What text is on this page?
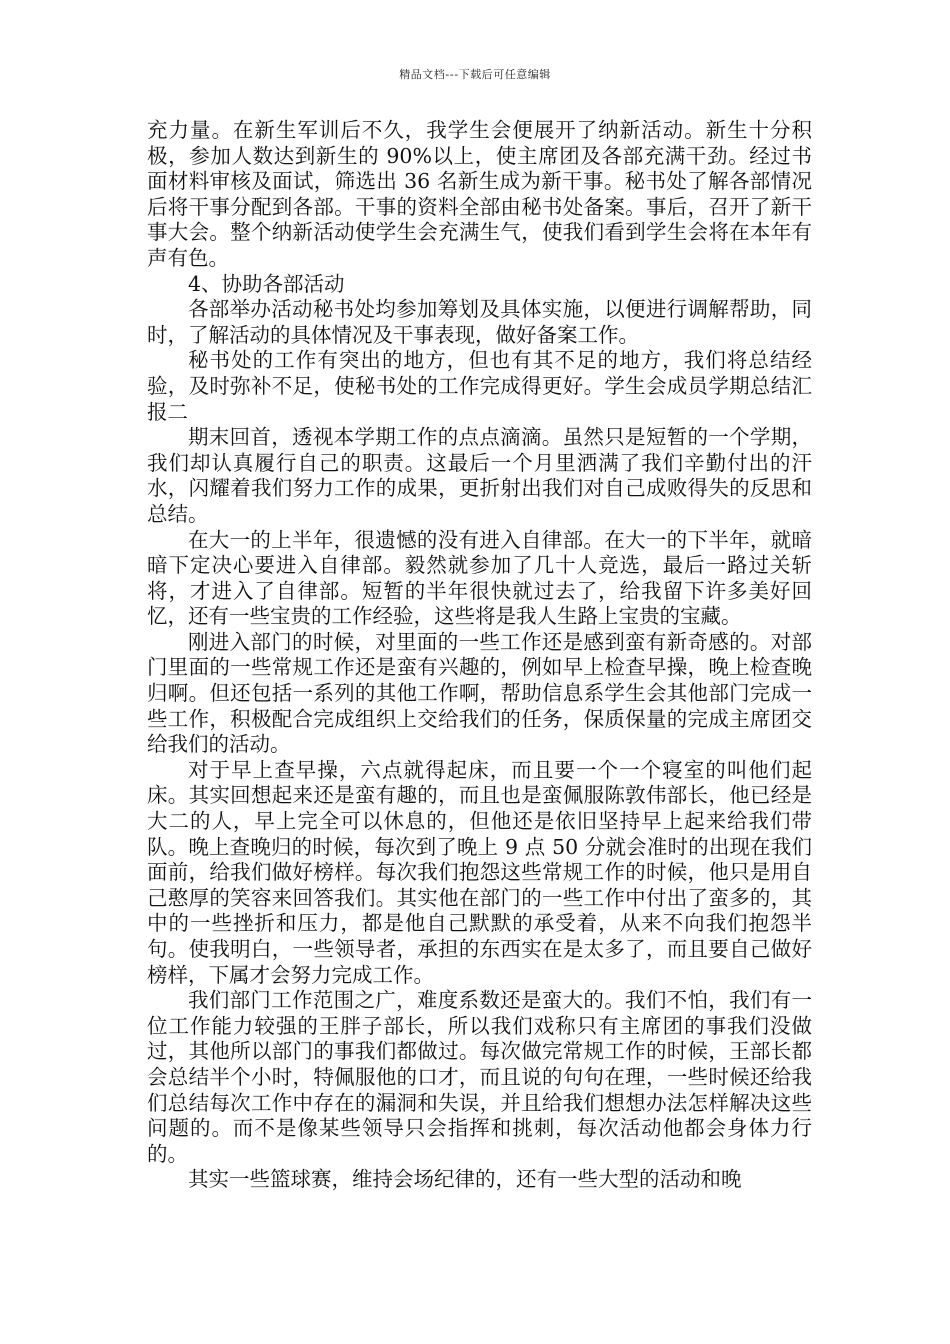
精品文档---下载后可任意编辑

充力量。在新生军训后不久，我学生会便展开了纳新活动。新生十分积极，参加人数达到新生的 90%以上，使主席团及各部充满干劲。经过书面材料审核及面试，筛选出 36 名新生成为新干事。秘书处了解各部情况后将干事分配到各部。干事的资料全部由秘书处备案。事后，召开了新干事大会。整个纳新活动使学生会充满生气，使我们看到学生会将在本年有声有色。

4、协助各部活动

各部举办活动秘书处均参加筹划及具体实施，以便进行调解帮助，同时，了解活动的具体情况及干事表现，做好备案工作。

秘书处的工作有突出的地方，但也有其不足的地方，我们将总结经验，及时弥补不足，使秘书处的工作完成得更好。学生会成员学期总结汇报二

期末回首，透视本学期工作的点点滴滴。虽然只是短暂的一个学期，我们却认真履行自己的职责。这最后一个月里洒满了我们辛勤付出的汗水，闪耀着我们努力工作的成果，更折射出我们对自己成败得失的反思和总结。

在大一的上半年，很遗憾的没有进入自律部。在大一的下半年，就暗暗下定决心要进入自律部。毅然就参加了几十人竞选，最后一路过关斩将，才进入了自律部。短暂的半年很快就过去了，给我留下许多美好回忆，还有一些宝贵的工作经验，这些将是我人生路上宝贵的宝藏。

刚进入部门的时候，对里面的一些工作还是感到蛮有新奇感的。对部门里面的一些常规工作还是蛮有兴趣的，例如早上检查早操，晚上检查晚归啊。但还包括一系列的其他工作啊，帮助信息系学生会其他部门完成一些工作，积极配合完成组织上交给我们的任务，保质保量的完成主席团交给我们的活动。

对于早上查早操，六点就得起床，而且要一个一个寝室的叫他们起床。其实回想起来还是蛮有趣的，而且也是蛮佩服陈敦伟部长，他已经是大二的人，早上完全可以休息的，但他还是依旧坚持早上起来给我们带队。晚上查晚归的时候，每次到了晚上 9 点 50 分就会准时的出现在我们面前，给我们做好榜样。每次我们抱怨这些常规工作的时候，他只是用自己憨厚的笑容来回答我们。其实他在部门的一些工作中付出了蛮多的，其中的一些挫折和压力，都是他自己默默的承受着，从来不向我们抱怨半句。使我明白，一些领导者，承担的东西实在是太多了，而且要自己做好榜样，下属才会努力完成工作。

我们部门工作范围之广，难度系数还是蛮大的。我们不怕，我们有一位工作能力较强的王胖子部长，所以我们戏称只有主席团的事我们没做过，其他所以部门的事我们都做过。每次做完常规工作的时候，王部长都会总结半个小时，特佩服他的口才，而且说的句句在理，一些时候还给我们总结每次工作中存在的漏洞和失误，并且给我们想想办法怎样解决这些问题的。而不是像某些领导只会指挥和挑刺，每次活动他都会身体力行的。

其实一些篮球赛，维持会场纪律的，还有一些大型的活动和晚
